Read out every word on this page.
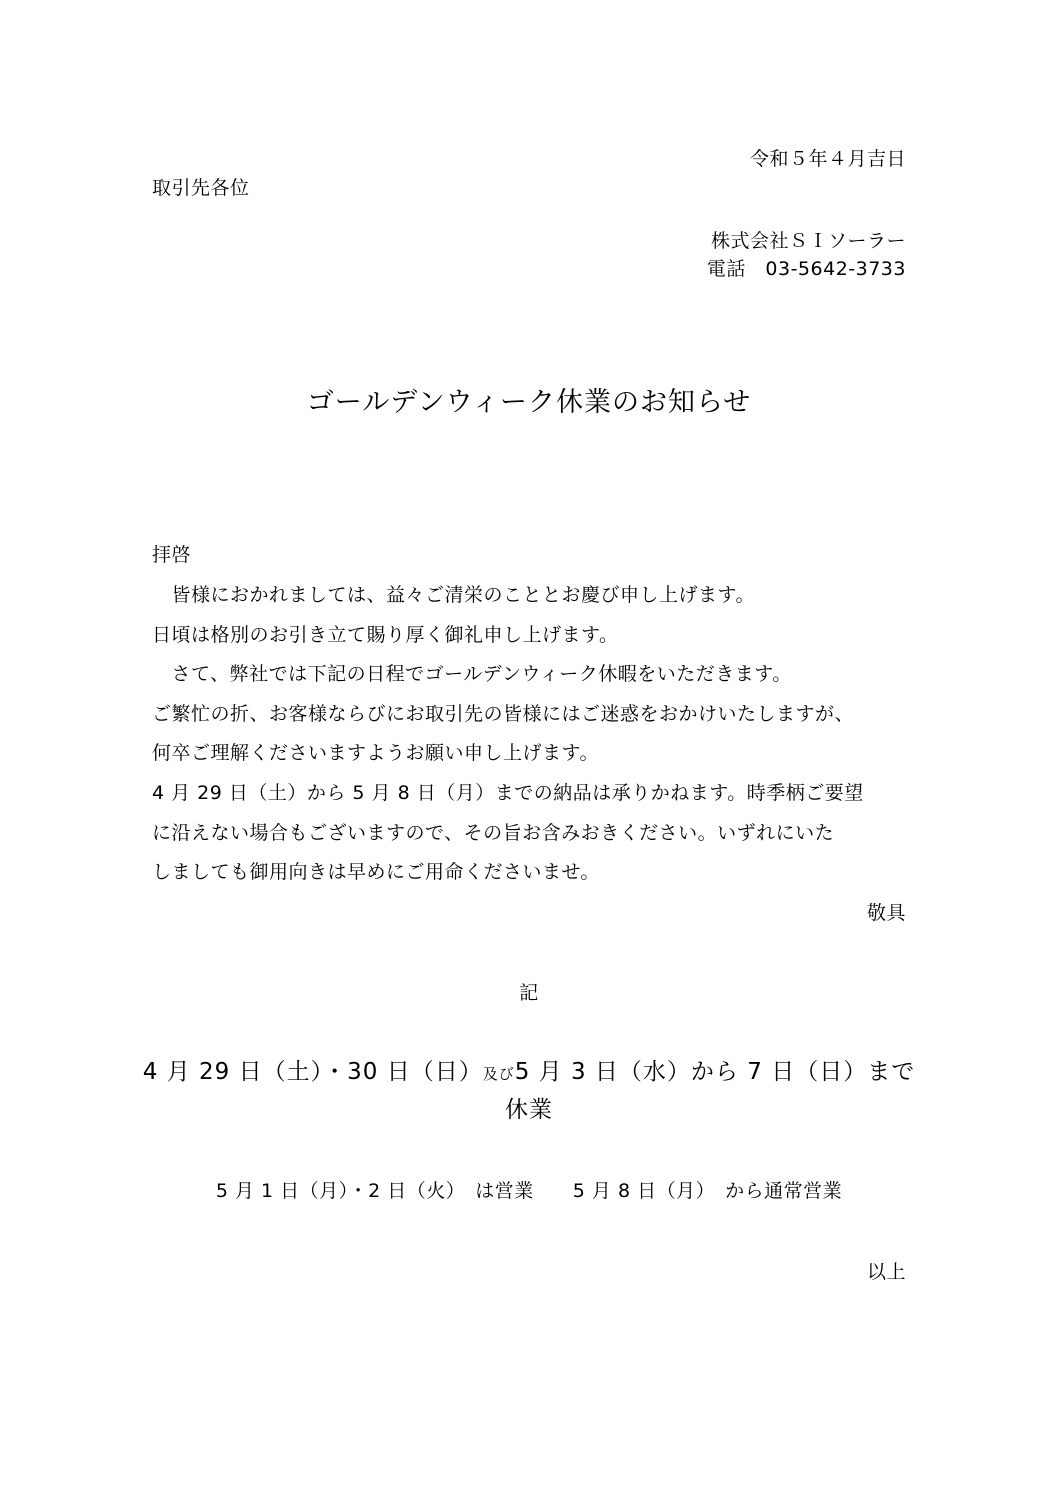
令和５年４月吉日
取引先各位
株式会社ＳＩソーラー
電話　03-5642-3733
ゴールデンウィーク休業のお知らせ
拝啓
　皆様におかれましては、益々ご清栄のこととお慶び申し上げます。
日頃は格別のお引き立て賜り厚く御礼申し上げます。
　さて、弊社では下記の日程でゴールデンウィーク休暇をいただきます。
ご繁忙の折、お客様ならびにお取引先の皆様にはご迷惑をおかけいたしますが、
何卒ご理解くださいますようお願い申し上げます。
4 月 29 日（土）から 5 月 8 日（月）までの納品は承りかねます。時季柄ご要望
に沿えない場合もございますので、その旨お含みおきください。いずれにいた
しましても御用向きは早めにご用命くださいませ。
敬具
記
4 月 29 日（土）・30 日（日）及び5 月 3 日（水）から 7 日（日）まで
休業
5 月 1 日（月）・2 日（火）　は営業　　5 月 8 日（月）　から通常営業
以上
